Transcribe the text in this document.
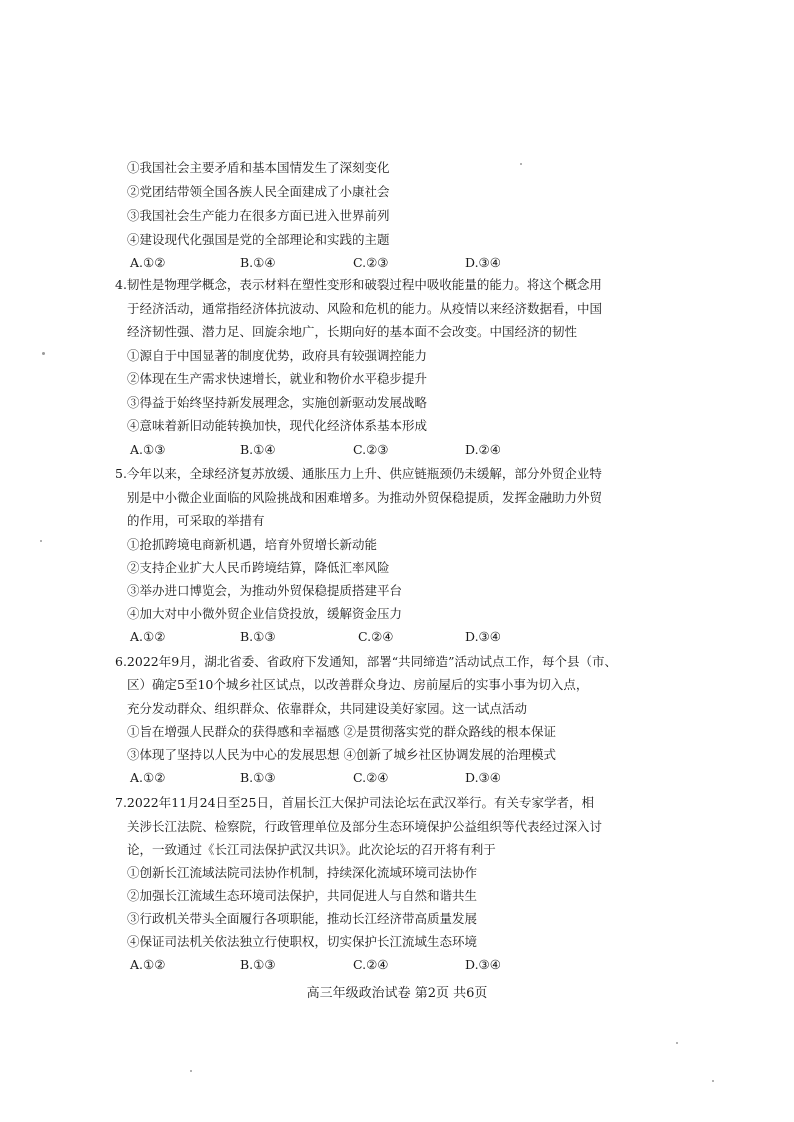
①我国社会主要矛盾和基本国情发生了深刻变化
②党团结带领全国各族人民全面建成了小康社会
③我国社会生产能力在很多方面已进入世界前列
④建设现代化强国是党的全部理论和实践的主题
A.①②	B.①④	C.②③	D.③④
4.韧性是物理学概念，表示材料在塑性变形和破裂过程中吸收能量的能力。将这个概念用
于经济活动，通常指经济体抗波动、风险和危机的能力。从疫情以来经济数据看，中国
经济韧性强、潜力足、回旋余地广，长期向好的基本面不会改变。中国经济的韧性
①源自于中国显著的制度优势，政府具有较强调控能力
②体现在生产需求快速增长，就业和物价水平稳步提升
③得益于始终坚持新发展理念，实施创新驱动发展战略
④意味着新旧动能转换加快，现代化经济体系基本形成
A.①③	B.①④	C.②③	D.②④
5.今年以来，全球经济复苏放缓、通胀压力上升、供应链瓶颈仍未缓解，部分外贸企业特
别是中小微企业面临的风险挑战和困难增多。为推动外贸保稳提质，发挥金融助力外贸
的作用，可采取的举措有
①抢抓跨境电商新机遇，培育外贸增长新动能
②支持企业扩大人民币跨境结算，降低汇率风险
③举办进口博览会，为推动外贸保稳提质搭建平台
④加大对中小微外贸企业信贷投放，缓解资金压力
A.①②	B.①③	C.②④	D.③④
6.2022年9月，湖北省委、省政府下发通知，部署“共同缔造”活动试点工作，每个县（市、
区）确定5至10个城乡社区试点，以改善群众身边、房前屋后的实事小事为切入点，
充分发动群众、组织群众、依靠群众，共同建设美好家园。这一试点活动
①旨在增强人民群众的获得感和幸福感 ②是贯彻落实党的群众路线的根本保证
③体现了坚持以人民为中心的发展思想 ④创新了城乡社区协调发展的治理模式
A.①②	B.①③	C.②④	D.③④
7.2022年11月24日至25日，首届长江大保护司法论坛在武汉举行。有关专家学者，相
关涉长江法院、检察院，行政管理单位及部分生态环境保护公益组织等代表经过深入讨
论，一致通过《长江司法保护武汉共识》。此次论坛的召开将有利于
①创新长江流域法院司法协作机制，持续深化流域环境司法协作
②加强长江流域生态环境司法保护，共同促进人与自然和谐共生
③行政机关带头全面履行各项职能，推动长江经济带高质量发展
④保证司法机关依法独立行使职权，切实保护长江流域生态环境
A.①②	B.①③	C.②④	D.③④
高三年级政治试卷 第2页 共6页
